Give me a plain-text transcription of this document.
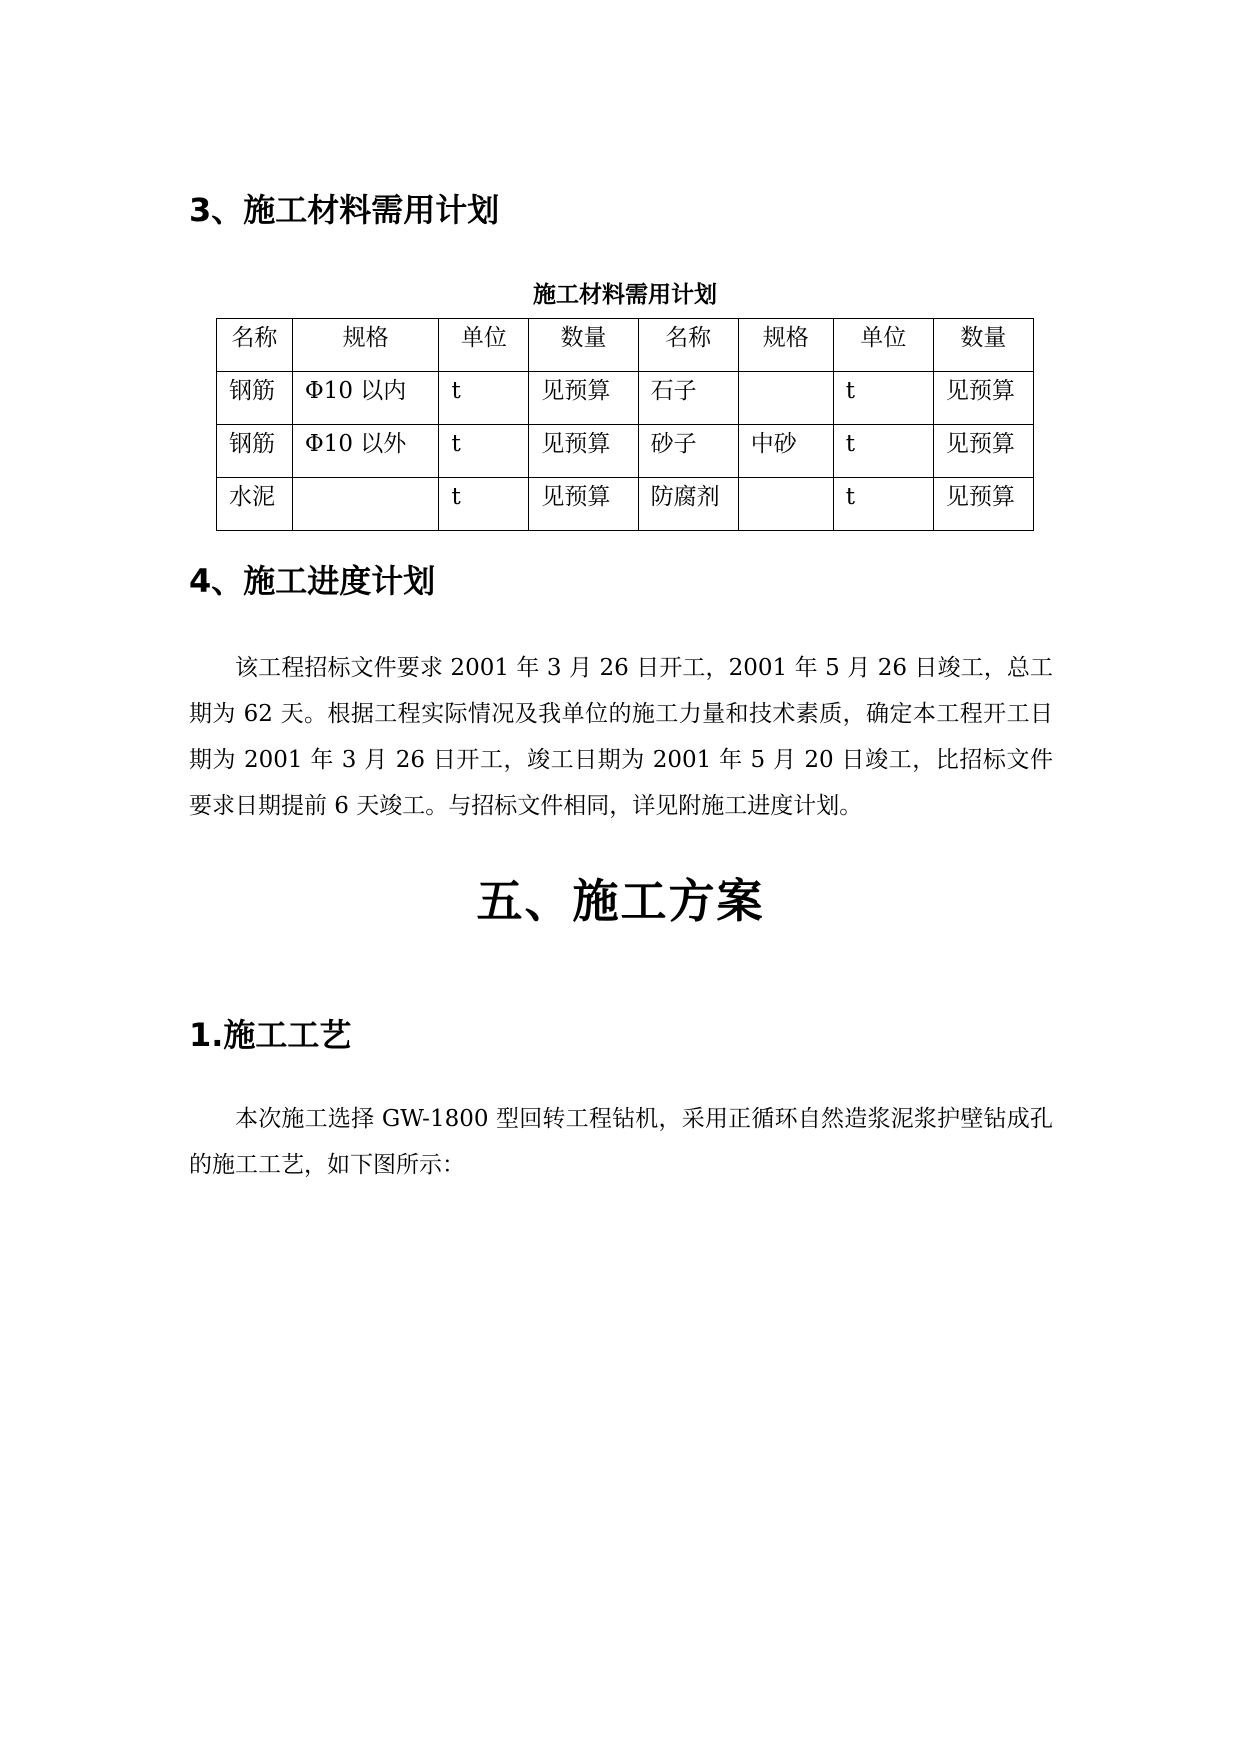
3、施工材料需用计划

施工材料需用计划

名称	规格	单位	数量	名称	规格	单位	数量
钢筋	Φ10 以内	t	见预算	石子		t	见预算
钢筋	Φ10 以外	t	见预算	砂子	中砂	t	见预算
水泥		t	见预算	防腐剂		t	见预算
4、施工进度计划

该工程招标文件要求 2001 年 3 月 26 日开工，2001 年 5 月 26 日竣工，总工期为 62 天。根据工程实际情况及我单位的施工力量和技术素质，确定本工程开工日期为 2001 年 3 月 26 日开工，竣工日期为 2001 年 5 月 20 日竣工，比招标文件要求日期提前 6 天竣工。与招标文件相同，详见附施工进度计划。

五、施工方案
1.施工工艺

本次施工选择 GW-1800 型回转工程钻机，采用正循环自然造浆泥浆护壁钻成孔的施工工艺，如下图所示：
